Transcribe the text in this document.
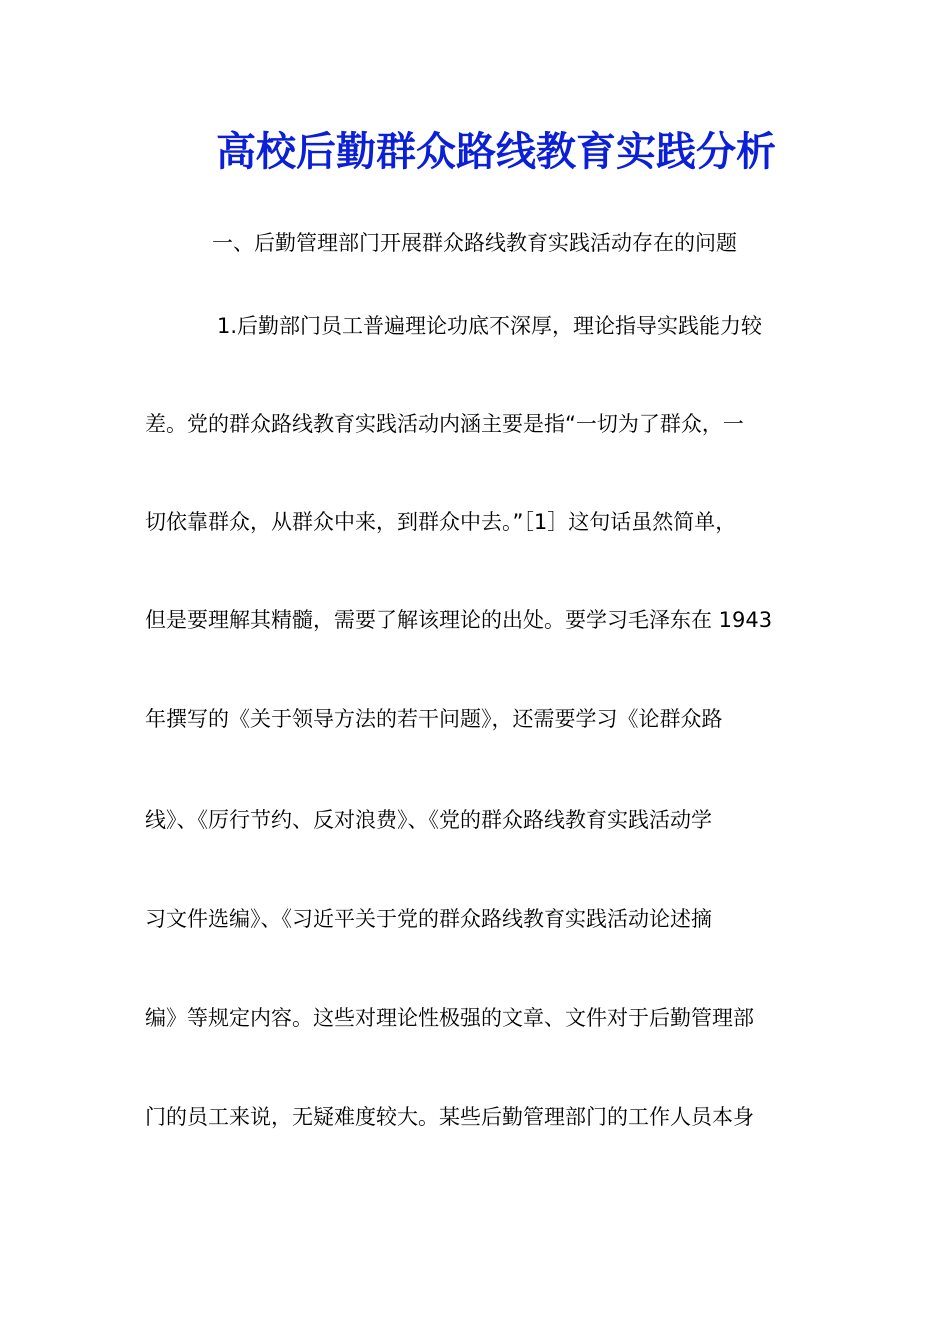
高校后勤群众路线教育实践分析
一、后勤管理部门开展群众路线教育实践活动存在的问题
1.后勤部门员工普遍理论功底不深厚，理论指导实践能力较
差。党的群众路线教育实践活动内涵主要是指“一切为了群众，一
切依靠群众，从群众中来，到群众中去。”［1］这句话虽然简单，
但是要理解其精髓，需要了解该理论的出处。要学习毛泽东在 1943
年撰写的《关于领导方法的若干问题》，还需要学习《论群众路
线》、《厉行节约、反对浪费》、《党的群众路线教育实践活动学
习文件选编》、《习近平关于党的群众路线教育实践活动论述摘
编》等规定内容。这些对理论性极强的文章、文件对于后勤管理部
门的员工来说，无疑难度较大。某些后勤管理部门的工作人员本身
